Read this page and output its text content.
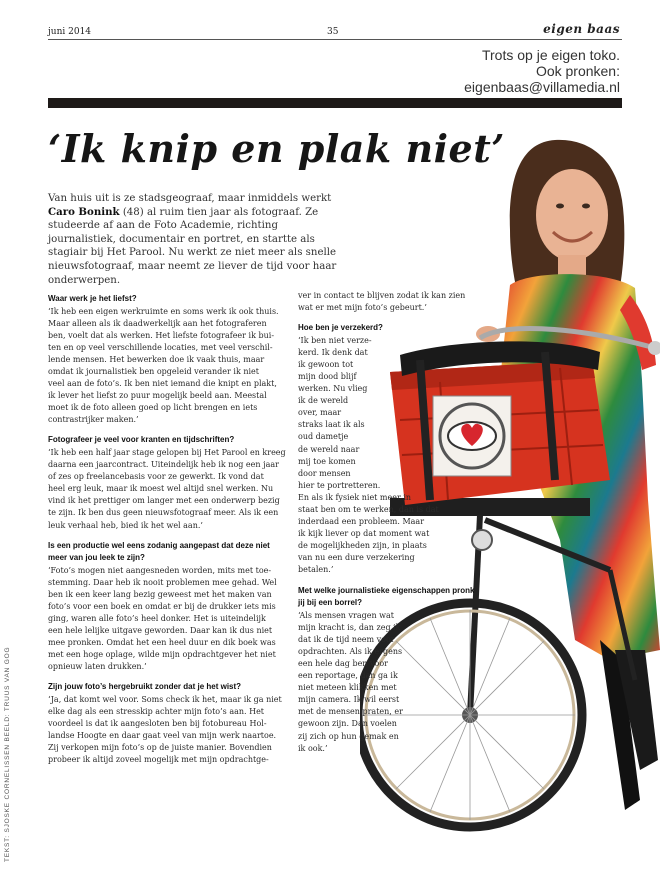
juni 2014	35	eigen baas
Trots op je eigen toko.
Ook pronken:
eigenbaas@villamedia.nl
‘Ik knip en plak niet’
Van huis uit is ze stadsgeograaf, maar inmiddels werkt Caro Bonink (48) al ruim tien jaar als fotograaf. Ze studeerde af aan de Foto Academie, richting journalistiek, documentair en portret, en startte als stagiair bij Het Parool. Nu werkt ze niet meer als snelle nieuwsfotograaf, maar neemt ze liever de tijd voor haar onderwerpen.

Waar werk je het liefst?

‘Ik heb een eigen werkruimte en soms werk ik ook thuis.

Maar alleen als ik daadwerkelijk aan het fotograferen

ben, voelt dat als werken. Het liefste fotografeer ik bui-

ten en op veel verschillende locaties, met veel verschil-

lende mensen. Het bewerken doe ik vaak thuis, maar

omdat ik journalistiek ben opgeleid verander ik niet

veel aan de foto’s. Ik ben niet iemand die knipt en plakt,

ik lever het liefst zo puur mogelijk beeld aan. Meestal

moet ik de foto alleen goed op licht brengen en iets

contrastrijker maken.’

Fotografeer je veel voor kranten en tijdschriften?

‘Ik heb een half jaar stage gelopen bij Het Parool en kreeg

daarna een jaarcontract. Uiteindelijk heb ik nog een jaar

of zes op freelancebasis voor ze gewerkt. Ik vond dat

heel erg leuk, maar ik moest wel altijd snel werken. Nu

vind ik het prettiger om langer met een onderwerp bezig

te zijn. Ik ben dus geen nieuwsfotograaf meer. Als ik een

leuk verhaal heb, bied ik het wel aan.’

Is een productie wel eens zodanig aangepast dat deze niet meer van jou leek te zijn?

‘Foto’s mogen niet aangesneden worden, mits met toe-

stemming. Daar heb ik nooit problemen mee gehad. Wel

ben ik een keer lang bezig geweest met het maken van

foto’s voor een boek en omdat er bij de drukker iets mis

ging, waren alle foto’s heel donker. Het is uiteindelijk

een hele lelijke uitgave geworden. Daar kan ik dus niet

mee pronken. Omdat het een heel duur en dik boek was

met een hoge oplage, wilde mijn opdrachtgever het niet

opnieuw laten drukken.’

Zijn jouw foto’s hergebruikt zonder dat je het wist?

‘Ja, dat komt wel voor. Soms check ik het, maar ik ga niet

elke dag als een stresskip achter mijn foto’s aan. Het

voordeel is dat ik aangesloten ben bij fotobureau Hol-

landse Hoogte en daar gaat veel van mijn werk naartoe.

Zij verkopen mijn foto’s op de juiste manier. Bovendien

probeer ik altijd zoveel mogelijk met mijn opdrachtge-

ver in contact te blijven zodat ik kan zien

wat er met mijn foto’s gebeurt.’

Hoe ben je verzekerd?

‘Ik ben niet verze-

kerd. Ik denk dat

ik gewoon tot

mijn dood blijf

werken. Nu vlieg

ik de wereld

over, maar

straks laat ik als

oud dametje

de wereld naar

mij toe komen

door mensen

hier te portretteren.

En als ik fysiek niet meer in

staat ben om te werken, dan is dat

inderdaad een probleem. Maar

ik kijk liever op dat moment wat

de mogelijkheden zijn, in plaats

van nu een dure verzekering

betalen.’

Met welke journalistieke eigenschappen pronk jij bij een borrel?

‘Als mensen vragen wat

mijn kracht is, dan zeg ik

dat ik de tijd neem voor

opdrachten. Als ik ergens

een hele dag ben voor

een reportage, dan ga ik

niet meteen klikken met

mijn camera. Ik wil eerst

met de mensen praten, er

gewoon zijn. Dan voelen

zij zich op hun gemak en

ik ook.’

TEKST: SJOSKE CORNELISSEN BEELD: TRUUS VAN GOG
